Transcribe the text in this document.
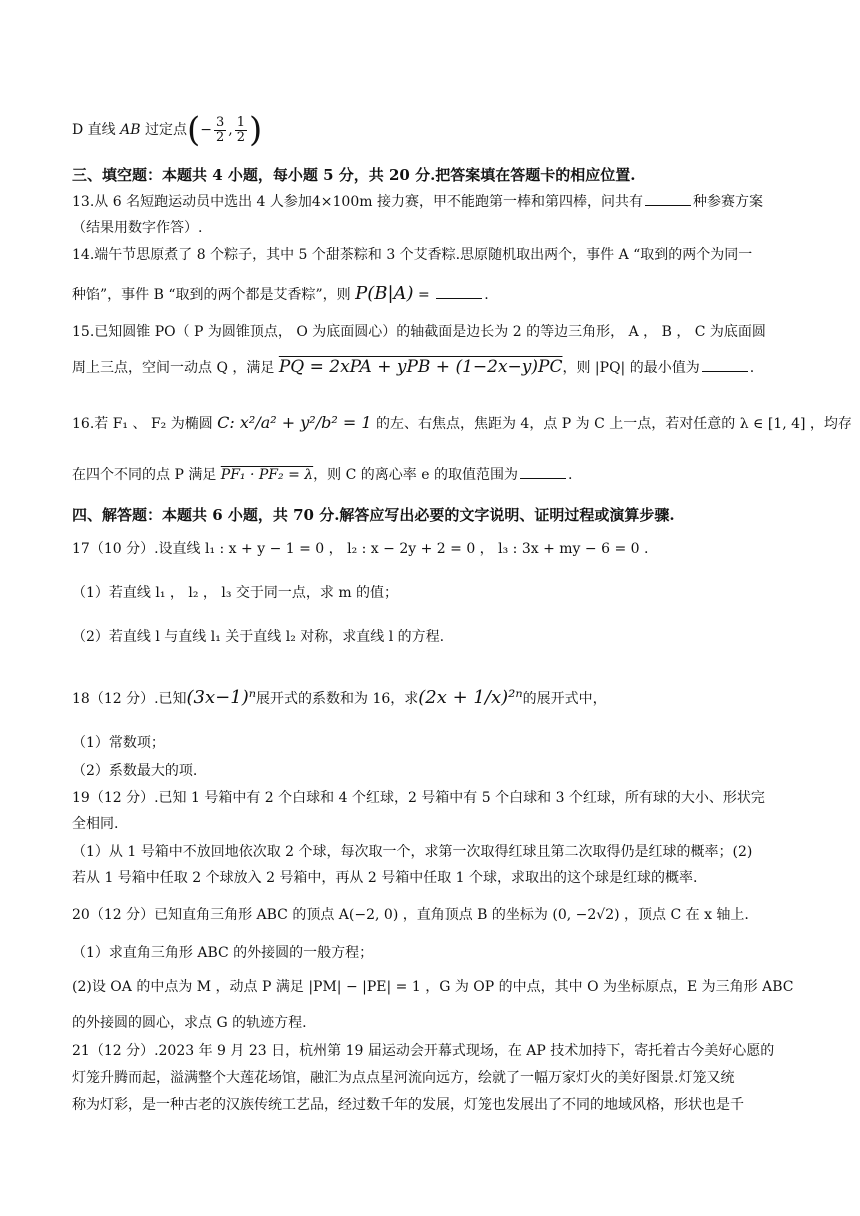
D 直线 AB 过定点(− $\frac{3}{2}$ , $\frac{1}{2}$ )
三、填空题：本题共 4 小题，每小题 5 分，共 20 分.把答案填在答题卡的相应位置.
13.从 6 名短跑运动员中选出 4 人参加4×100m 接力赛，甲不能跑第一棒和第四棒，问共有	种参赛方案
（结果用数字作答）.
14.端午节思原煮了 8 个粽子，其中 5 个甜茶粽和 3 个艾香粽.思原随机取出两个，事件 A “取到的两个为同一
种馅”，事件 B “取到的两个都是艾香粽”，则 P(B|A) =	.
15.已知圆锥 PO（ P 为圆锥顶点， O 为底面圆心）的轴截面是边长为 2 的等边三角形， A ， B ， C 为底面圆
周上三点，空间一动点 Q ，满足 PQ = 2xPA + yPB + (1−2x−y)PC，则 |PQ| 的最小值为	.
16.若 F₁ 、 F₂ 为椭圆 C: x²/a² + y²/b² = 1 的左、右焦点，焦距为 4，点 P 为 C 上一点，若对任意的 λ ∈ [1, 4] ，均存
在四个不同的点 P 满足 PF₁ · PF₂ = λ，则 C 的离心率 e 的取值范围为	.
四、解答题：本题共 6 小题，共 70 分.解答应写出必要的文字说明、证明过程或演算步骤.
17（10 分）.设直线 l₁ : x + y − 1 = 0 ， l₂ : x − 2y + 2 = 0 ， l₃ : 3x + my − 6 = 0 .
（1）若直线 l₁ ， l₂ ， l₃ 交于同一点，求 m 的值；
（2）若直线 l 与直线 l₁ 关于直线 l₂ 对称，求直线 l 的方程.
18（12 分）.已知(3x−1)ⁿ展开式的系数和为 16，求(2x + 1/x)²ⁿ的展开式中，
（1）常数项；
（2）系数最大的项.
19（12 分）.已知 1 号箱中有 2 个白球和 4 个红球，2 号箱中有 5 个白球和 3 个红球，所有球的大小、形状完
全相同.
（1）从 1 号箱中不放回地依次取 2 个球，每次取一个，求第一次取得红球且第二次取得仍是红球的概率；(2)
若从 1 号箱中任取 2 个球放入 2 号箱中，再从 2 号箱中任取 1 个球，求取出的这个球是红球的概率.
20（12 分）已知直角三角形 ABC 的顶点 A(−2, 0) ，直角顶点 B 的坐标为 (0, −2√2) ，顶点 C 在 x 轴上.
（1）求直角三角形 ABC 的外接圆的一般方程；
(2)设 OA 的中点为 M ，动点 P 满足 |PM| − |PE| = 1 ，G 为 OP 的中点，其中 O 为坐标原点，E 为三角形 ABC
的外接圆的圆心，求点 G 的轨迹方程.
21（12 分）.2023 年 9 月 23 日，杭州第 19 届运动会开幕式现场，在 AP 技术加持下，寄托着古今美好心愿的
灯笼升腾而起，溢满整个大莲花场馆，融汇为点点星河流向远方，绘就了一幅万家灯火的美好图景.灯笼又统
称为灯彩，是一种古老的汉族传统工艺品，经过数千年的发展，灯笼也发展出了不同的地域风格，形状也是千
